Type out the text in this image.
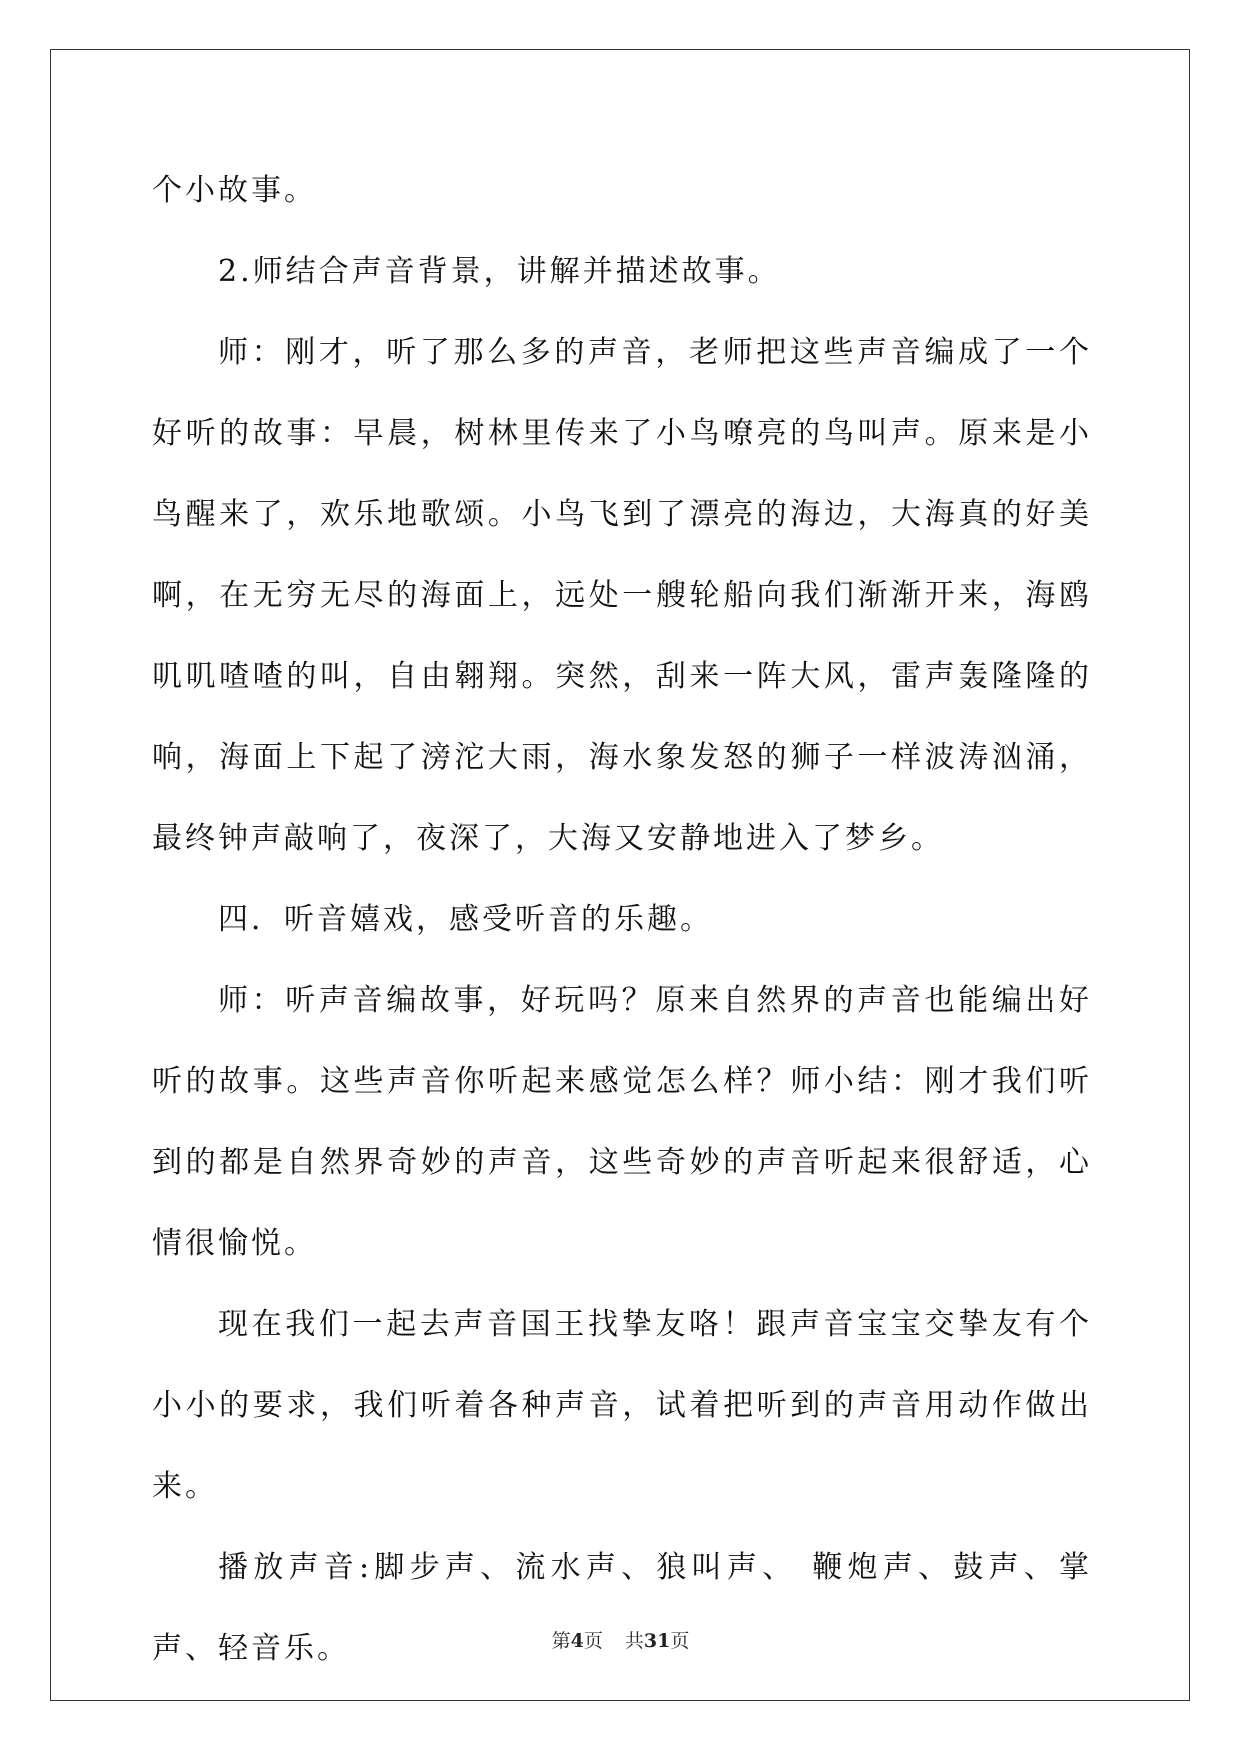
个小故事。

2.师结合声音背景，讲解并描述故事。

师：刚才，听了那么多的声音，老师把这些声音编成了一个好听的故事：早晨，树林里传来了小鸟嘹亮的鸟叫声。原来是小鸟醒来了，欢乐地歌颂。小鸟飞到了漂亮的海边，大海真的好美啊，在无穷无尽的海面上，远处一艘轮船向我们渐渐开来，海鸥叽叽喳喳的叫，自由翱翔。突然，刮来一阵大风，雷声轰隆隆的响，海面上下起了滂沱大雨，海水象发怒的狮子一样波涛汹涌，最终钟声敲响了，夜深了，大海又安静地进入了梦乡。

四．听音嬉戏，感受听音的乐趣。

师：听声音编故事，好玩吗？原来自然界的声音也能编出好听的故事。这些声音你听起来感觉怎么样？师小结：刚才我们听到的都是自然界奇妙的声音，这些奇妙的声音听起来很舒适，心情很愉悦。

现在我们一起去声音国王找挚友咯！跟声音宝宝交挚友有个小小的要求，我们听着各种声音，试着把听到的声音用动作做出来。

播放声音:脚步声、流水声、狼叫声、 鞭炮声、鼓声、掌声、轻音乐。	第4页 共31页
